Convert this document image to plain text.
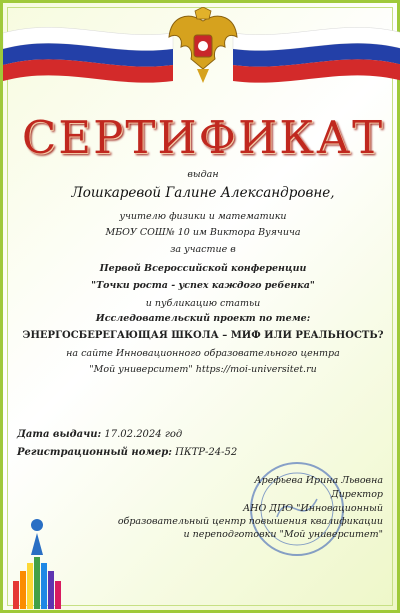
СЕРТИФИКАТ
выдан
Лошкаревой Галине Александровне,
учителю физики и математики
МБОУ СОШ№ 10 им Виктора Вуячича
за участие в
Первой Всероссийской конференции
"Точки роста - успех каждого ребенка"
и публикацию статьи
Исследовательский проект по теме:
ЭНЕРГОСБЕРЕГАЮЩАЯ ШКОЛА – МИФ ИЛИ РЕАЛЬНОСТЬ?
на сайте Инновационного образовательного центра
"Мой университет" https://moi-universitet.ru
Дата выдачи: 17.02.2024 год
Регистрационный номер: ПКТР-24-52
Арефьева Ирина Львовна
Директор
АНО ДПО "Инновационный
образовательный центр повышения квалификации
и переподготовки "Мой университет"
